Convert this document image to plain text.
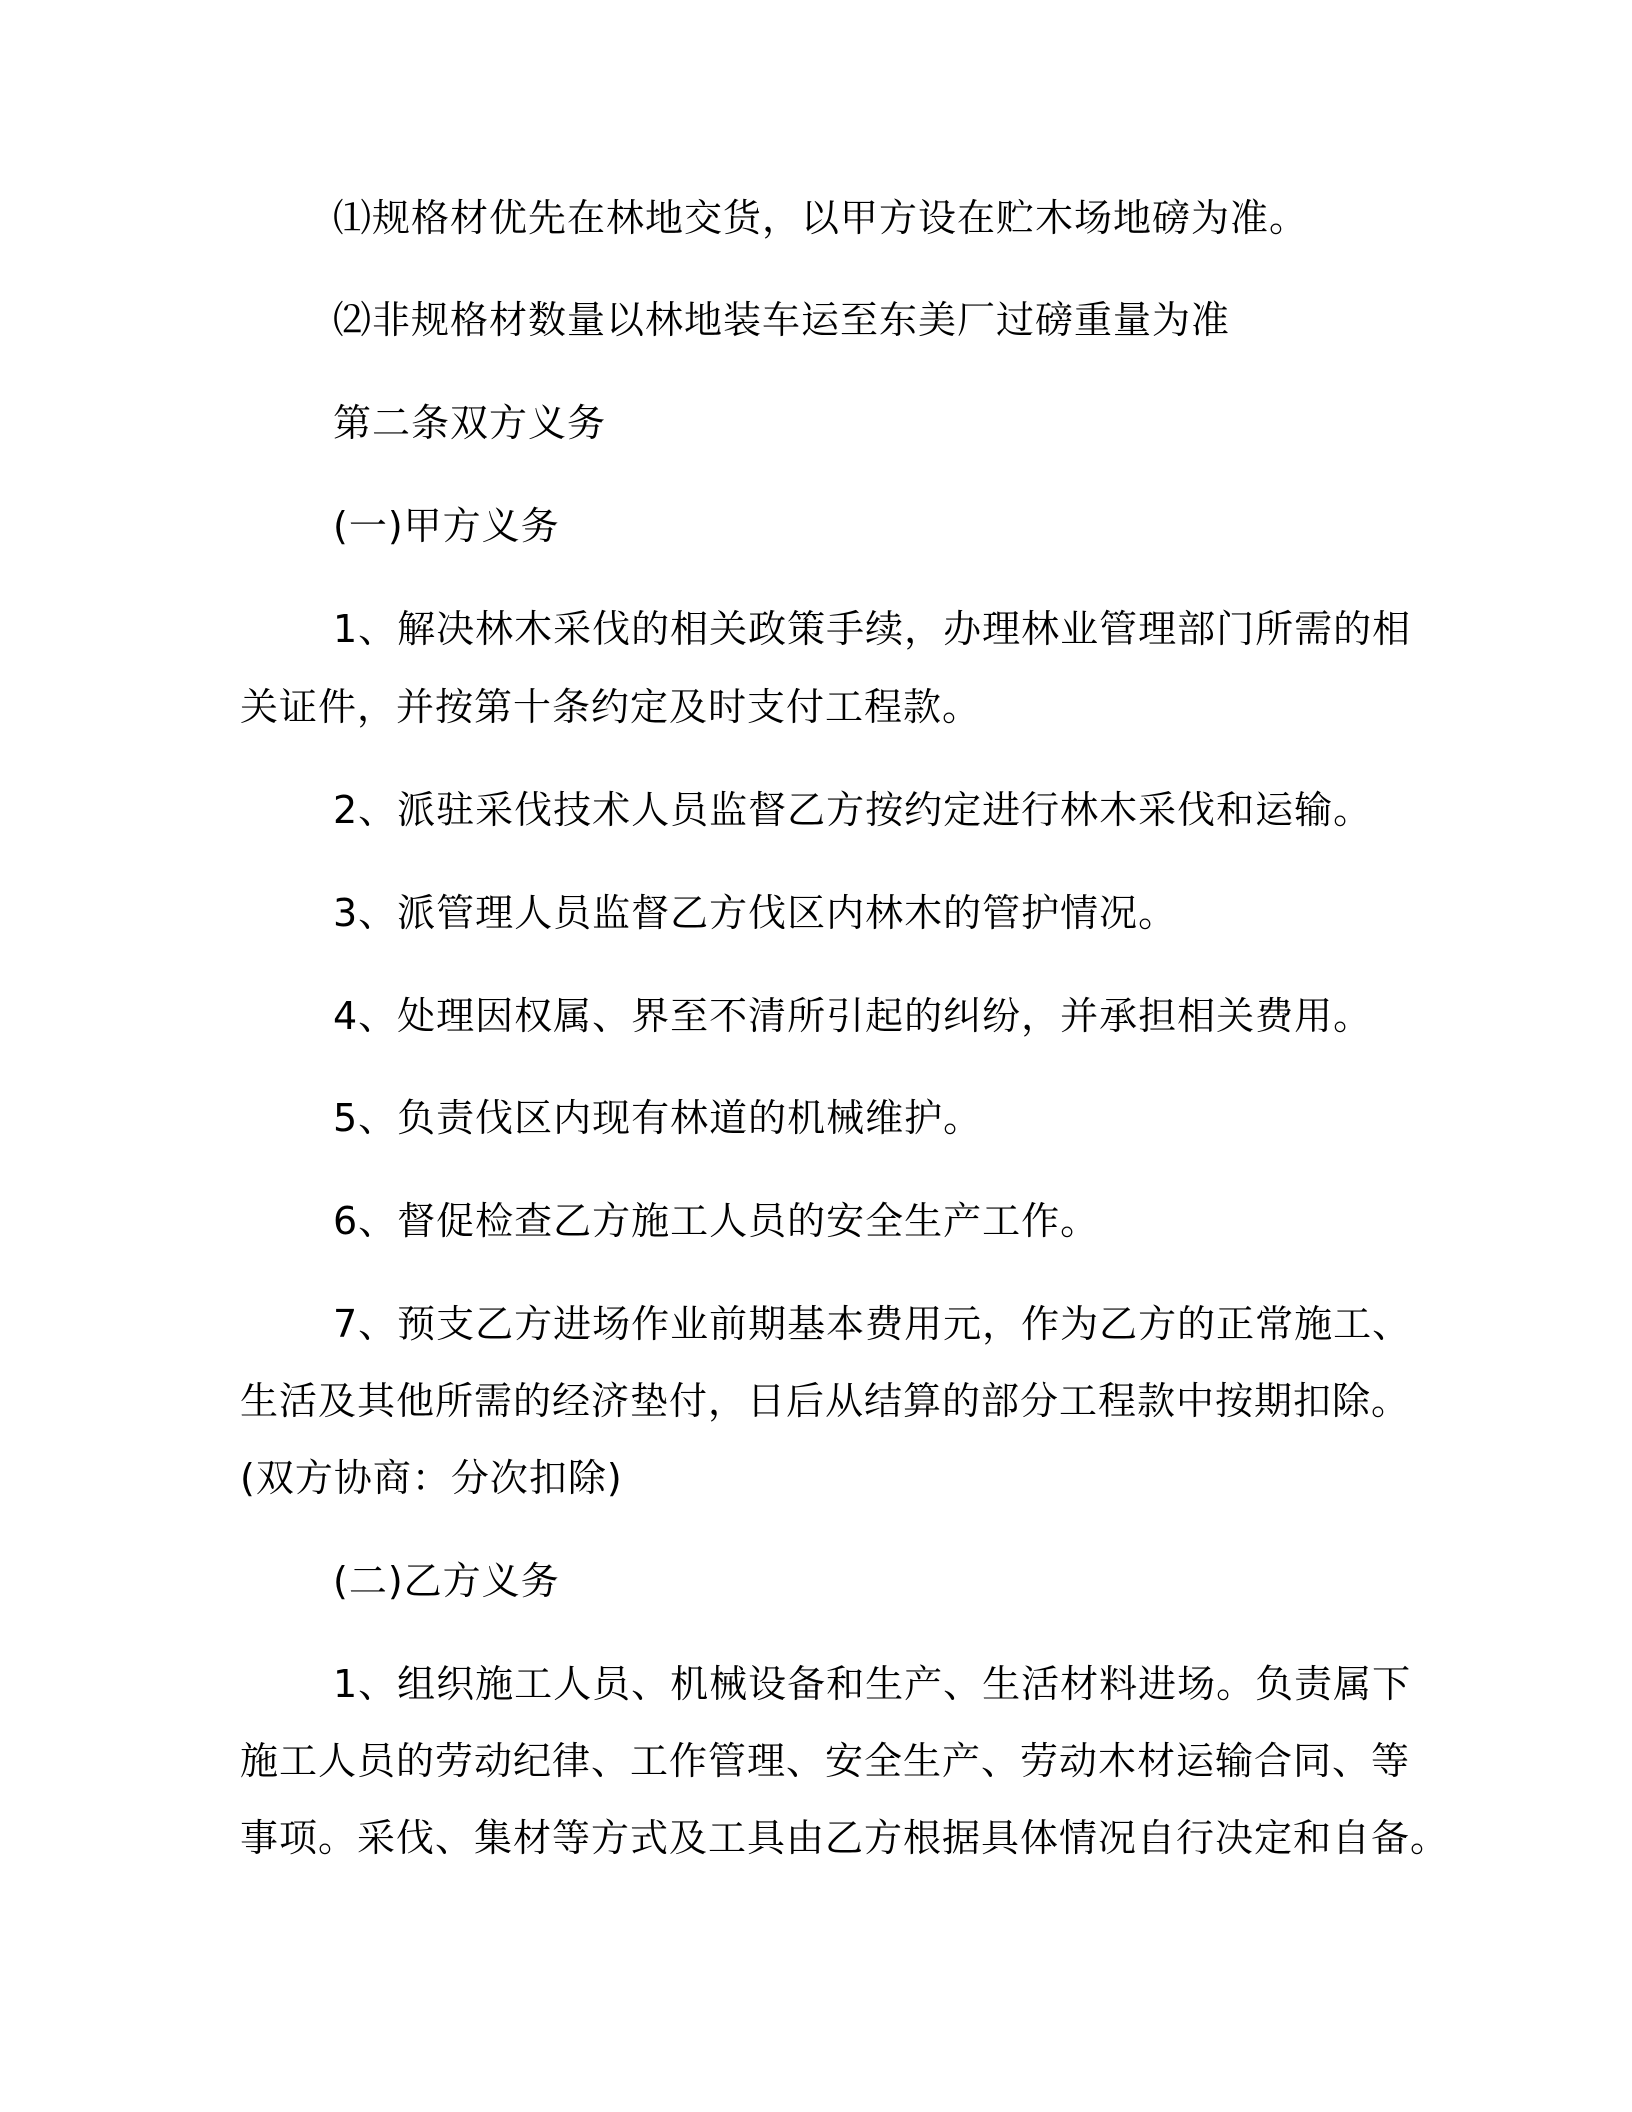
⑴规格材优先在林地交货，以甲方设在贮木场地磅为准。
⑵非规格材数量以林地装车运至东美厂过磅重量为准
第二条双方义务
(一)甲方义务
1、解决林木采伐的相关政策手续，办理林业管理部门所需的相
关证件，并按第十条约定及时支付工程款。
2、派驻采伐技术人员监督乙方按约定进行林木采伐和运输。
3、派管理人员监督乙方伐区内林木的管护情况。
4、处理因权属、界至不清所引起的纠纷，并承担相关费用。
5、负责伐区内现有林道的机械维护。
6、督促检查乙方施工人员的安全生产工作。
7、预支乙方进场作业前期基本费用元，作为乙方的正常施工、
生活及其他所需的经济垫付，日后从结算的部分工程款中按期扣除。
(双方协商：分次扣除)
(二)乙方义务
1、组织施工人员、机械设备和生产、生活材料进场。负责属下
施工人员的劳动纪律、工作管理、安全生产、劳动木材运输合同、等
事项。采伐、集材等方式及工具由乙方根据具体情况自行决定和自备。
